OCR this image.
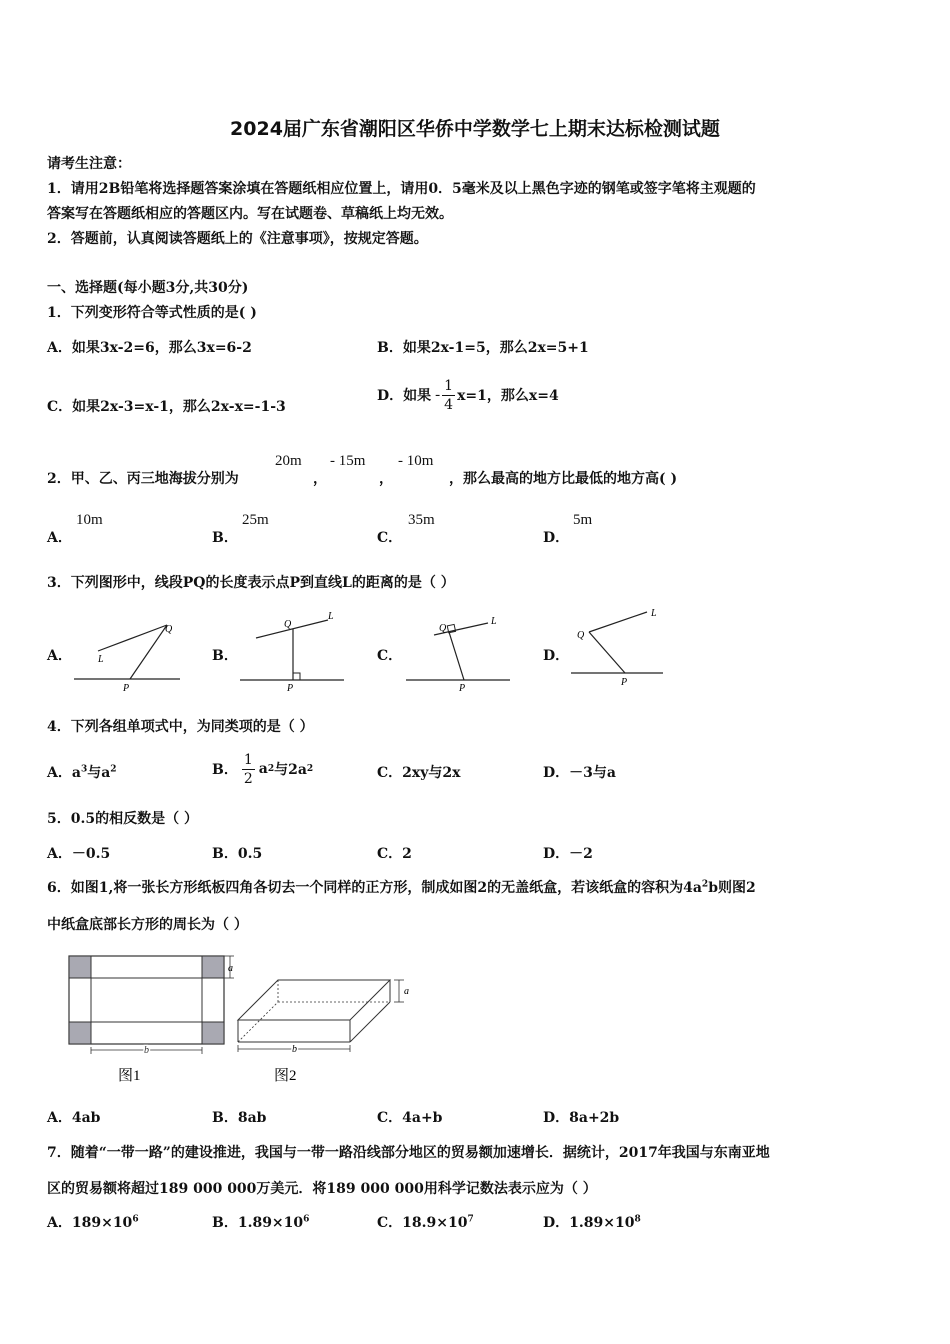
2024届广东省潮阳区华侨中学数学七上期末达标检测试题
请考生注意：
1．请用2B铅笔将选择题答案涂填在答题纸相应位置上，请用0．5毫米及以上黑色字迹的钢笔或签字笔将主观题的
答案写在答题纸相应的答题区内。写在试题卷、草稿纸上均无效。
2．答题前，认真阅读答题纸上的《注意事项》，按规定答题。
一、选择题(每小题3分,共30分)
1．下列变形符合等式性质的是( )
A．如果3x-2=6，那么3x=6-2	B．如果2x-1=5，那么2x=5+1
C．如果2x-3=x-1，那么2x-x=-1-3
D．如果 - $\frac{1}{4} x=1$，那么x=4
2．甲、乙、丙三地海拔分别为
20m
，
- 15m
，
- 10m
，那么最高的地方比最低的地方高( )
A．
10m
B．
25m
C．
35m
D．
5m
3．下列图形中，线段PQ的长度表示点P到直线L的距离的是（ ）
A．	B．	C．	D．
Q
L
P
Q
L
P
Q
L
P
Q
L
P
4．下列各组单项式中，为同类项的是（ ）
A．$a^3$与$a^2$	B． $\frac{1}{2}$ a 2 与2a 2	C．2xy与2x	D．－3与a
5．0.5的相反数是（ ）
A．－0.5	B．0.5	C．2	D．－2
6．如图1,将一张长方形纸板四角各切去一个同样的正方形，制成如图2的无盖纸盒，若该纸盒的容积为$4a^2b$则图2
中纸盒底部长方形的周长为（ ）
a
b
图1
a
b
图2
A．4ab	B．8ab	C．4a+b	D．8a+2b
7．随着“一带一路”的建设推进，我国与一带一路沿线部分地区的贸易额加速增长．据统计，2017年我国与东南亚地
区的贸易额将超过189 000 000万美元．将189 000 000用科学记数法表示应为（ ）
A．$189\times 10^6$	B．$1.89\times 10^6$	C．$18.9\times 10^7$	D．$1.89\times 10^8$
